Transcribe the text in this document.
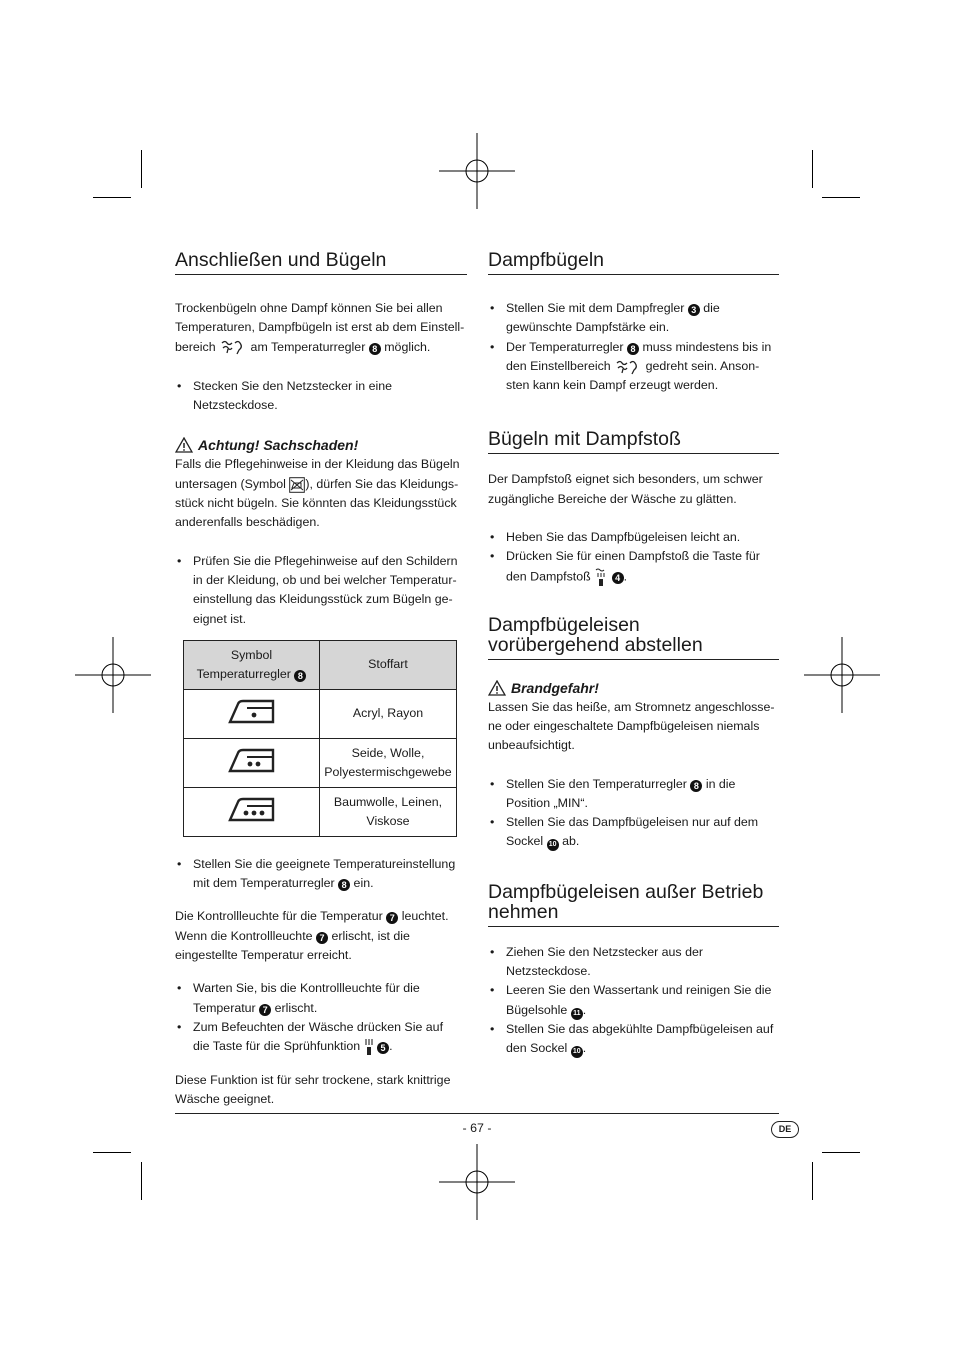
Anschließen und Bügeln

Trockenbügeln ohne Dampf können Sie bei allen
Temperaturen, Dampfbügeln ist erst ab dem Einstell-
bereich	am Temperaturregler 8 möglich.

• Stecken Sie den Netzstecker in eine
Netzsteckdose.
Achtung! Sachschaden!

Falls die Pflegehinweise in der Kleidung das Bügeln
untersagen (Symbol ), dürfen Sie das Kleidungs-
stück nicht bügeln. Sie könnten das Kleidungsstück
anderenfalls beschädigen.

• Prüfen Sie die Pflegehinweise auf den Schildern
in der Kleidung, ob und bei welcher Temperatur-
einstellung das Kleidungsstück zum Bügeln ge-
eignet ist.
Symbol
Temperaturregler 8	Stoffart
	Acryl, Rayon
	Seide, Wolle,
Polyestermischgewebe
	Baumwolle, Leinen,
Viskose
• Stellen Sie die geeignete Temperatureinstellung
mit dem Temperaturregler 8 ein.

Die Kontrollleuchte für die Temperatur 7 leuchtet.
Wenn die Kontrollleuchte 7 erlischt, ist die
eingestellte Temperatur erreicht.

• Warten Sie, bis die Kontrollleuchte für die
Temperatur 7 erlischt.
• Zum Befeuchten der Wäsche drücken Sie auf
die Taste für die Sprühfunktion 5 .

Diese Funktion ist für sehr trockene, stark knittrige
Wäsche geeignet.

Dampfbügeln
• Stellen Sie mit dem Dampfregler 3 die
gewünschte Dampfstärke ein.
• Der Temperaturregler 8 muss mindestens bis in
den Einstellbereich	gedreht sein. Anson-
sten kann kein Dampf erzeugt werden.
Bügeln mit Dampfstoß

Der Dampfstoß eignet sich besonders, um schwer
zugängliche Bereiche der Wäsche zu glätten.

• Heben Sie das Dampfbügeleisen leicht an.
• Drücken Sie für einen Dampfstoß die Taste für
den Dampfstoß	4 .
Dampfbügeleisen
vorübergehend abstellen
Brandgefahr!

Lassen Sie das heiße, am Stromnetz angeschlosse-
ne oder eingeschaltete Dampfbügeleisen niemals
unbeaufsichtigt.

• Stellen Sie den Temperaturregler 8 in die
Position „MIN“.
• Stellen Sie das Dampfbügeleisen nur auf dem
Sockel 10 ab.
Dampfbügeleisen außer Betrieb
nehmen
• Ziehen Sie den Netzstecker aus der
Netzsteckdose.
• Leeren Sie den Wassertank und reinigen Sie die
Bügelsohle 11 .
• Stellen Sie das abgekühlte Dampfbügeleisen auf
den Sockel 10 .
- 67 -	DE
